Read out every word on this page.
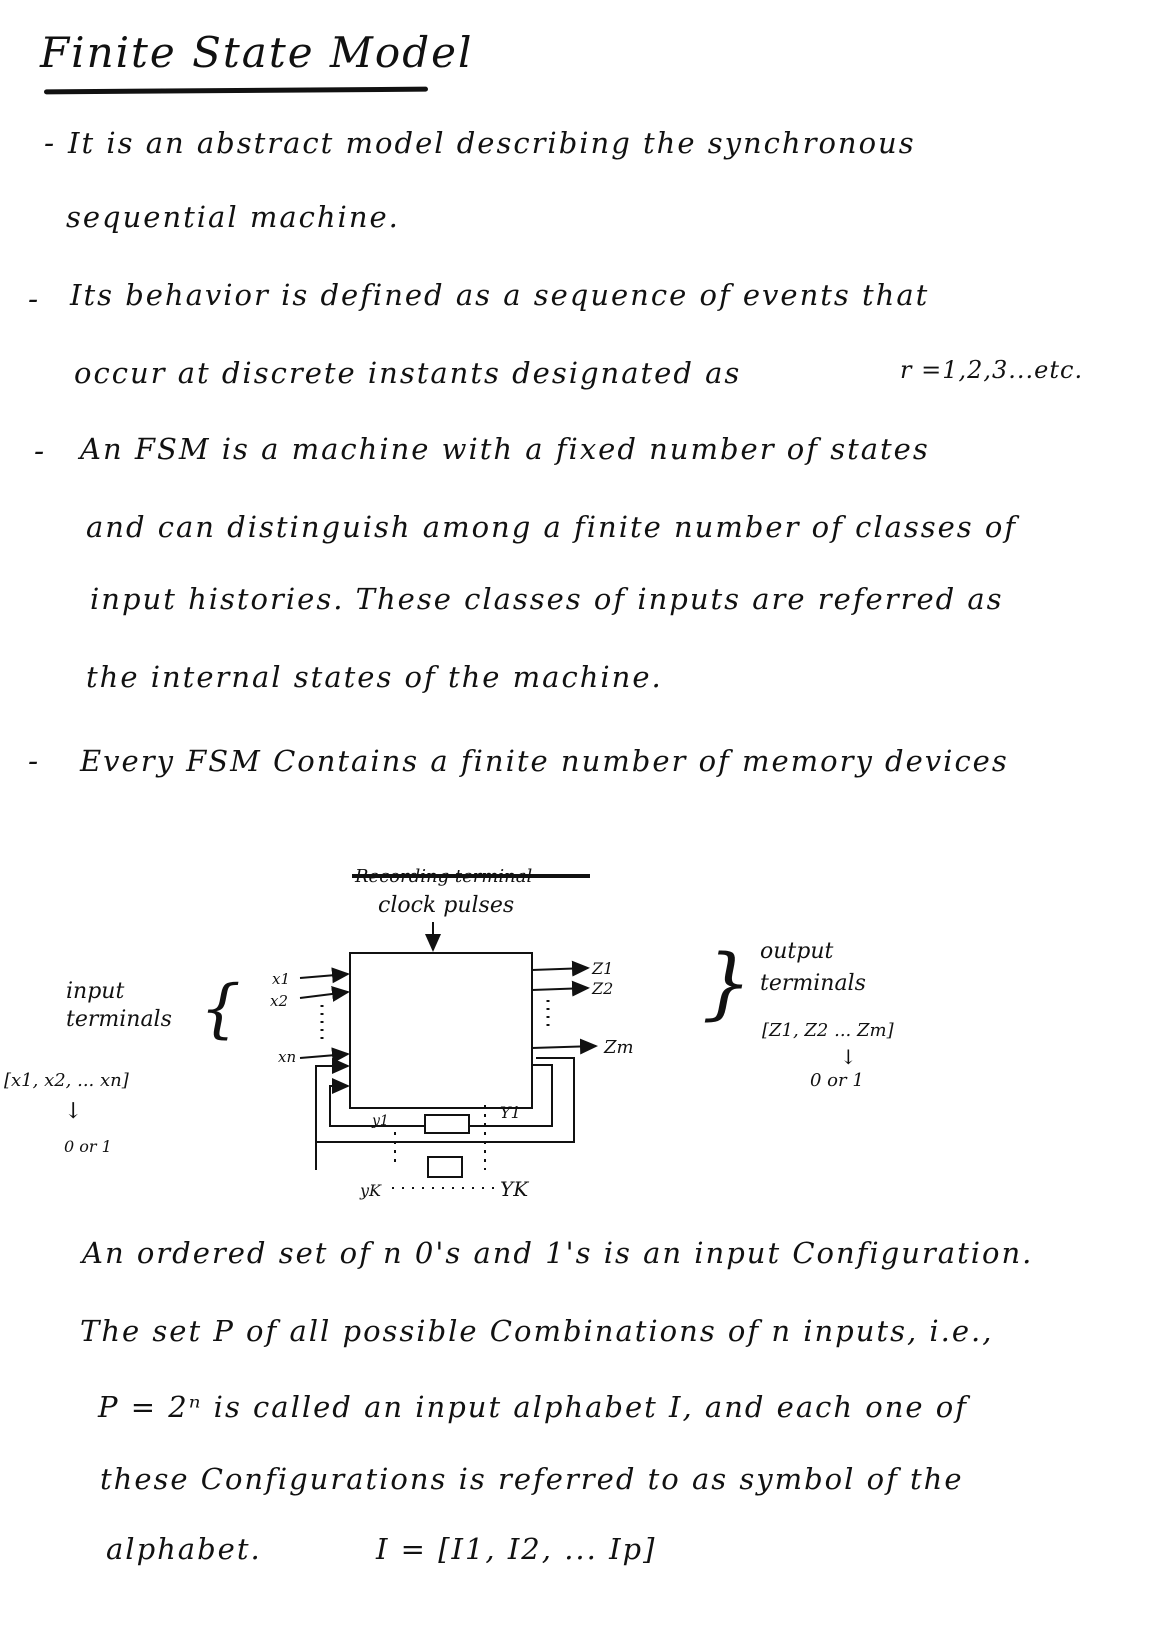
Finite State Model
- It is an abstract model describing the synchronous
sequential machine.
- Its behavior is defined as a sequence of events that
occur at discrete instants designated as	r =1,2,3...etc.
- An FSM is a machine with a fixed number of states
and can distinguish among a finite number of classes of
input histories. These classes of inputs are referred as
the internal states of the machine.
- Every FSM Contains a finite number of memory devices
Recording terminal
clock pulses
x1
x2
xn
Z1
Z2
Zm
y1	Y1
yK	YK
{
input
terminals
[x1, x2, ... xn]
↓
0 or 1
} output
terminals
[Z1, Z2 ... Zm]
↓
0 or 1
An ordered set of n 0's and 1's is an input Configuration.
The set P of all possible Combinations of n inputs, i.e.,
P = 2ⁿ is called an input alphabet I, and each one of
these Configurations is referred to as symbol of the
alphabet.	I = [I1, I2, ... Ip]
